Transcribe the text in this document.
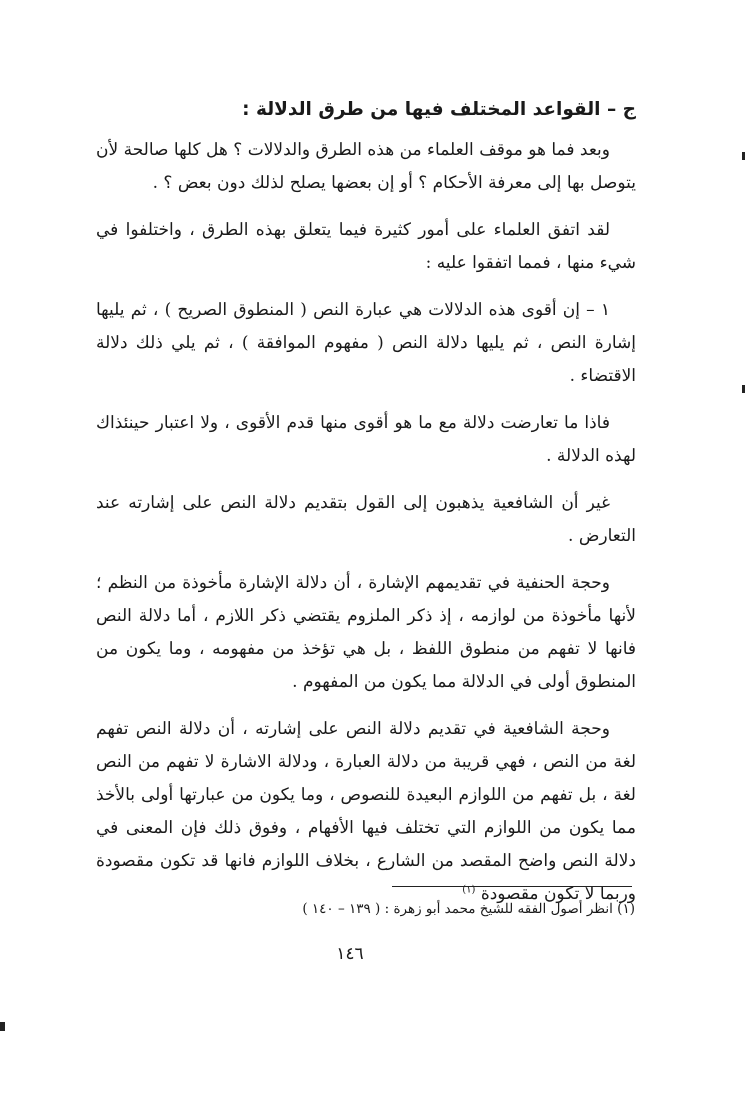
ج – القواعد المختلف فيها من طرق الدلالة :

وبعد فما هو موقف العلماء من هذه الطرق والدلالات ؟ هل كلها صالحة لأن يتوصل بها إلى معرفة الأحكام ؟ أو إن بعضها يصلح لذلك دون بعض ؟ .

لقد اتفق العلماء على أمور كثيرة فيما يتعلق بهذه الطرق ، واختلفوا في شيء منها ، فمما اتفقوا عليه :

١ – إن أقوى هذه الدلالات هي عبارة النص ( المنطوق الصريح ) ، ثم يليها إشارة النص ، ثم يليها دلالة النص ( مفهوم الموافقة ) ، ثم يلي ذلك دلالة الاقتضاء .

فاذا ما تعارضت دلالة مع ما هو أقوى منها قدم الأقوى ، ولا اعتبار حينئذاك لهذه الدلالة .

غير أن الشافعية يذهبون إلى القول بتقديم دلالة النص على إشارته عند التعارض .

وحجة الحنفية في تقديمهم الإشارة ، أن دلالة الإشارة مأخوذة من النظم ؛ لأنها مأخوذة من لوازمه ، إذ ذكر الملزوم يقتضي ذكر اللازم ، أما دلالة النص فانها لا تفهم من منطوق اللفظ ، بل هي تؤخذ من مفهومه ، وما يكون من المنطوق أولى في الدلالة مما يكون من المفهوم .

وحجة الشافعية في تقديم دلالة النص على إشارته ، أن دلالة النص تفهم لغة من النص ، فهي قريبة من دلالة العبارة ، ودلالة الاشارة لا تفهم من النص لغة ، بل تفهم من اللوازم البعيدة للنصوص ، وما يكون من عبارتها أولى بالأخذ مما يكون من اللوازم التي تختلف فيها الأفهام ، وفوق ذلك فإن المعنى في دلالة النص واضح المقصد من الشارع ، بخلاف اللوازم فانها قد تكون مقصودة وربما لا تكون مقصودة $^{(١)}$

(١) انظر أصول الفقه للشيخ محمد أبو زهرة : ( ١٣٩ – ١٤٠ )
١٤٦
